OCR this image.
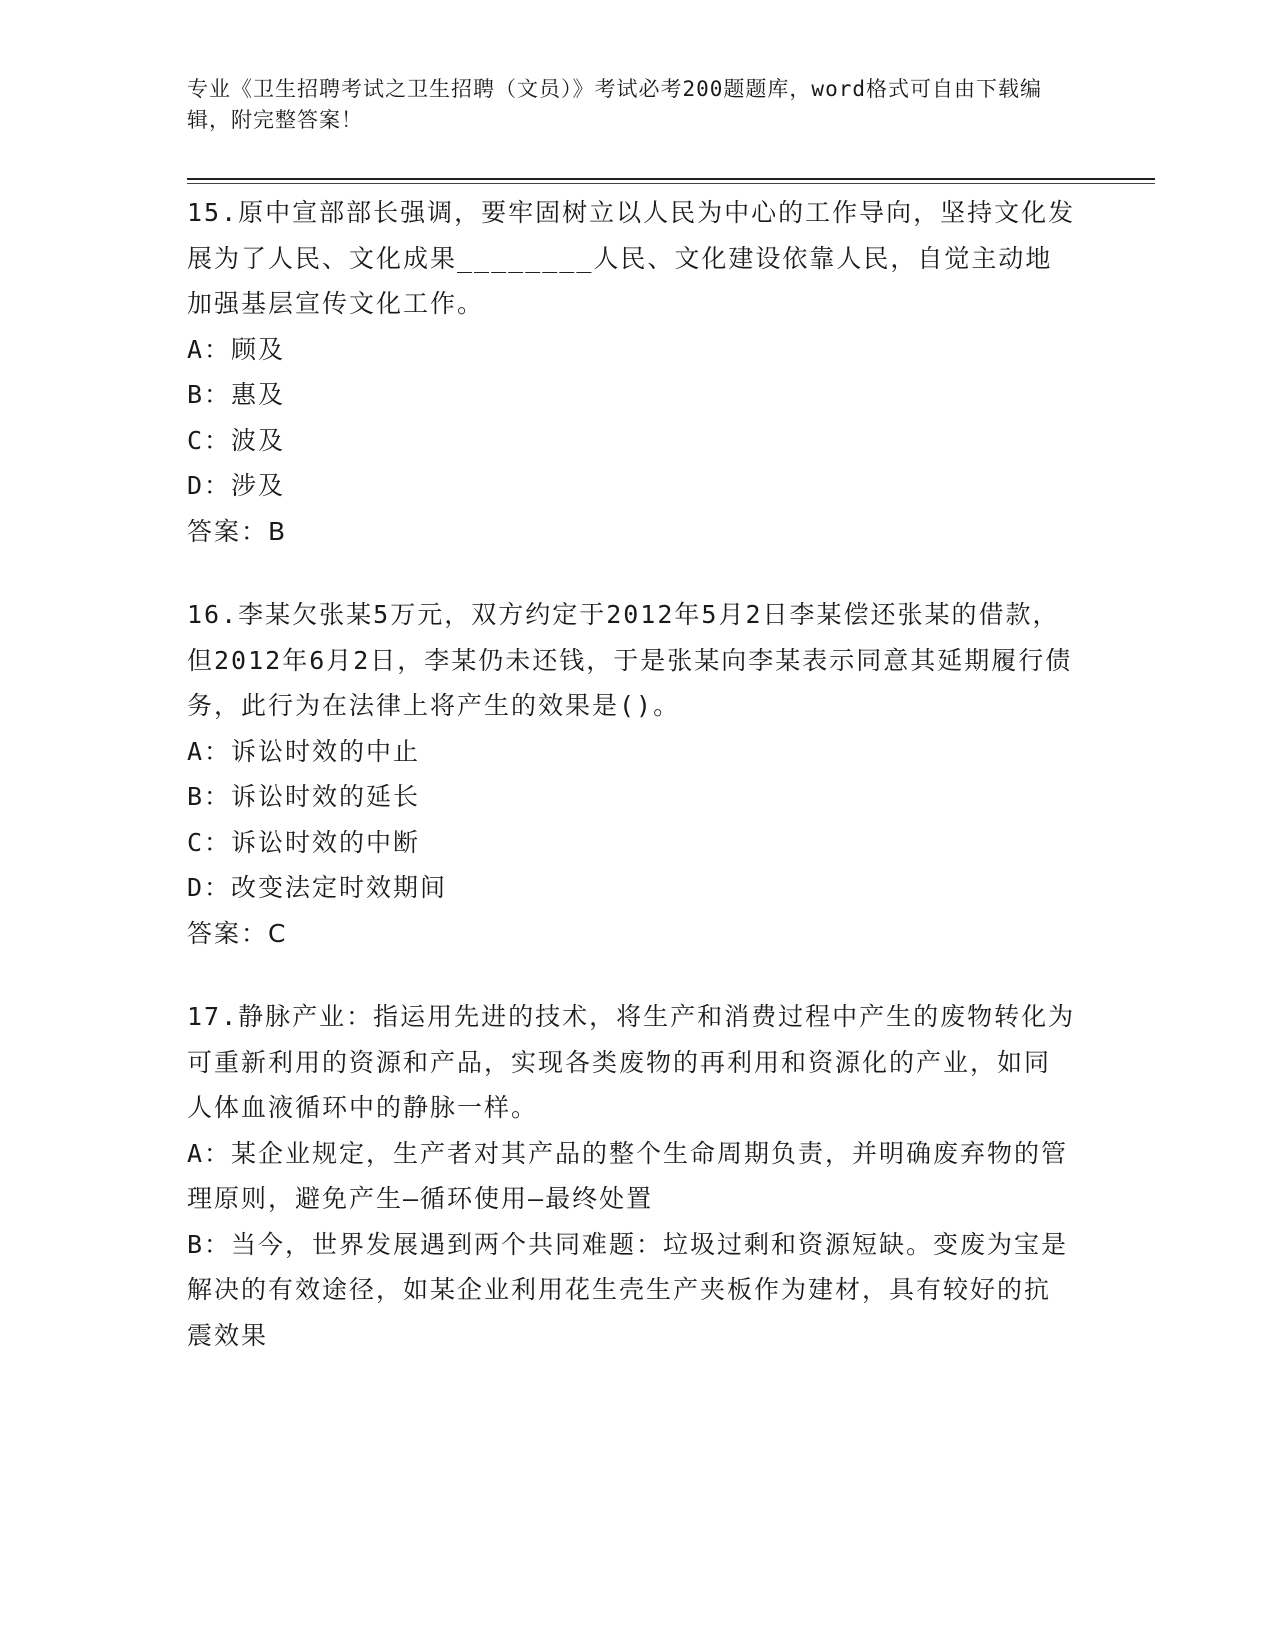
专业《卫生招聘考试之卫生招聘（文员）》考试必考200题题库，word格式可自由下载编辑，附完整答案！
15.原中宣部部长强调，要牢固树立以人民为中心的工作导向，坚持文化发展为了人民、文化成果________人民、文化建设依靠人民，自觉主动地加强基层宣传文化工作。
A：顾及
B：惠及
C：波及
D：涉及
答案：B
16.李某欠张某5万元，双方约定于2012年5月2日李某偿还张某的借款，但2012年6月2日，李某仍未还钱，于是张某向李某表示同意其延期履行债务，此行为在法律上将产生的效果是()。
A：诉讼时效的中止
B：诉讼时效的延长
C：诉讼时效的中断
D：改变法定时效期间
答案：C
17.静脉产业：指运用先进的技术，将生产和消费过程中产生的废物转化为可重新利用的资源和产品，实现各类废物的再利用和资源化的产业，如同人体血液循环中的静脉一样。
A：某企业规定，生产者对其产品的整个生命周期负责，并明确废弃物的管理原则，避免产生—循环使用—最终处置
B：当今，世界发展遇到两个共同难题：垃圾过剩和资源短缺。变废为宝是解决的有效途径，如某企业利用花生壳生产夹板作为建材，具有较好的抗震效果
